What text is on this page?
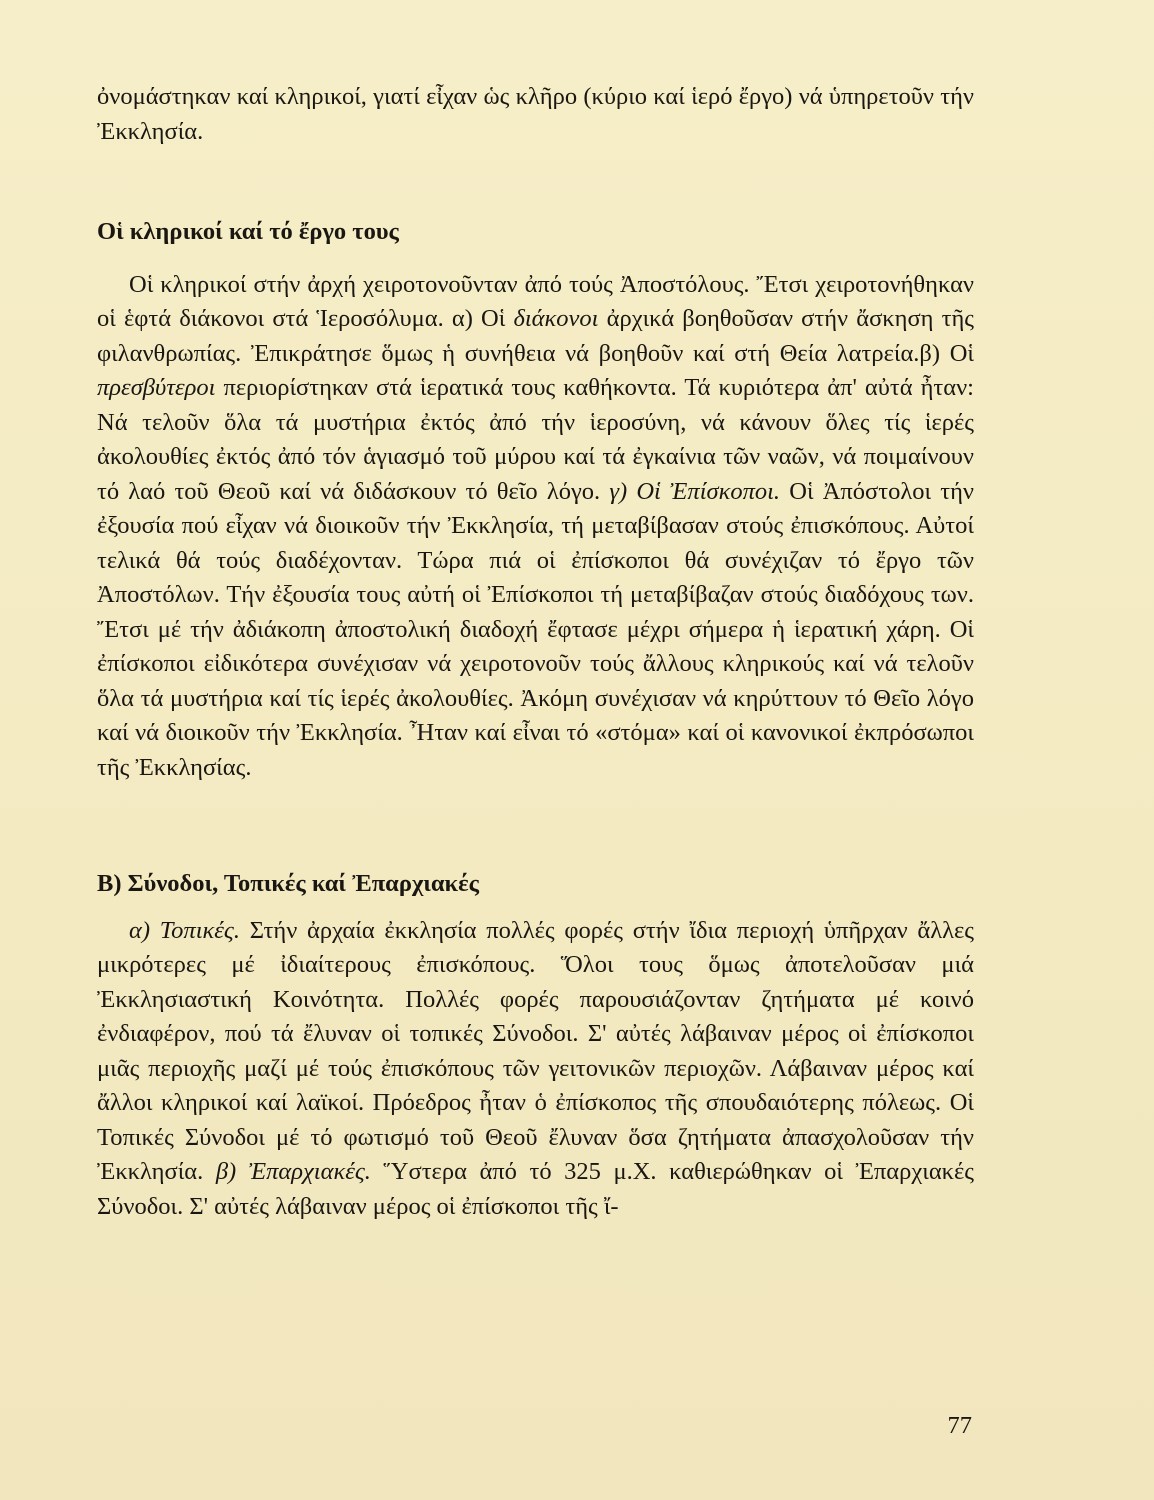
ὀνομάστηκαν καί κληρικοί, γιατί εἶχαν ὡς κλῆρο (κύριο καί ἱερό ἔργο) νά ὑπηρετοῦν τήν Ἐκκλησία.

Οἱ κληρικοί καί τό ἔργο τους

Οἱ κληρικοί στήν ἀρχή χειροτονοῦνταν ἀπό τούς Ἀποστόλους. Ἔτσι χειροτονήθηκαν οἱ ἑφτά διάκονοι στά Ἱεροσόλυμα. α) Οἱ διάκονοι ἀρχικά βοηθοῦσαν στήν ἄσκηση τῆς φιλανθρωπίας. Ἐπικράτησε ὅμως ἡ συνήθεια νά βοηθοῦν καί στή Θεία λατρεία.β) Οἱ πρεσβύτεροι περιορίστηκαν στά ἱερατικά τους καθήκοντα. Τά κυριότερα ἀπ' αὐτά ἦταν: Νά τελοῦν ὅλα τά μυστήρια ἐκτός ἀπό τήν ἱεροσύνη, νά κάνουν ὅλες τίς ἱερές ἀκολουθίες ἐκτός ἀπό τόν ἁγιασμό τοῦ μύρου καί τά ἐγκαίνια τῶν ναῶν, νά ποιμαίνουν τό λαό τοῦ Θεοῦ καί νά διδάσκουν τό θεῖο λόγο. γ) Οἱ Ἐπίσκοποι. Οἱ Ἀπόστολοι τήν ἐξουσία πού εἶχαν νά διοικοῦν τήν Ἐκκλησία, τή μεταβίβασαν στούς ἐπισκόπους. Αὐτοί τελικά θά τούς διαδέχονταν. Τώρα πιά οἱ ἐπίσκοποι θά συνέχιζαν τό ἔργο τῶν Ἀποστόλων. Τήν ἐξουσία τους αὐτή οἱ Ἐπίσκοποι τή μεταβίβαζαν στούς διαδόχους των. Ἔτσι μέ τήν ἀδιάκοπη ἀποστολική διαδοχή ἔφτασε μέχρι σήμερα ἡ ἱερατική χάρη. Οἱ ἐπίσκοποι εἰδικότερα συνέχισαν νά χειροτονοῦν τούς ἄλλους κληρικούς καί νά τελοῦν ὅλα τά μυστήρια καί τίς ἱερές ἀκολουθίες. Ἀκόμη συνέχισαν νά κηρύττουν τό Θεῖο λόγο καί νά διοικοῦν τήν Ἐκκλησία. Ἦταν καί εἶναι τό «στόμα» καί οἱ κανονικοί ἐκπρόσωποι τῆς Ἐκκλησίας.

Β) Σύνοδοι, Τοπικές καί Ἐπαρχιακές

α) Τοπικές. Στήν ἀρχαία ἐκκλησία πολλές φορές στήν ἴδια περιοχή ὑπῆρχαν ἄλλες μικρότερες μέ ἰδιαίτερους ἐπισκόπους. Ὅλοι τους ὅμως ἀποτελοῦσαν μιά Ἐκκλησιαστική Κοινότητα. Πολλές φορές παρουσιάζονταν ζητήματα μέ κοινό ἐνδιαφέρον, πού τά ἔλυναν οἱ τοπικές Σύνοδοι. Σ' αὐτές λάβαιναν μέρος οἱ ἐπίσκοποι μιᾶς περιοχῆς μαζί μέ τούς ἐπισκόπους τῶν γειτονικῶν περιοχῶν. Λάβαιναν μέρος καί ἄλλοι κληρικοί καί λαϊκοί. Πρόεδρος ἦταν ὁ ἐπίσκοπος τῆς σπουδαιότερης πόλεως. Οἱ Τοπικές Σύνοδοι μέ τό φωτισμό τοῦ Θεοῦ ἔλυναν ὅσα ζητήματα ἀπασχολοῦσαν τήν Ἐκκλησία. β) Ἐπαρχιακές. Ὕστερα ἀπό τό 325 μ.Χ. καθιερώθηκαν οἱ Ἐπαρχιακές Σύνοδοι. Σ' αὐτές λάβαιναν μέρος οἱ ἐπίσκοποι τῆς ἴ-

77
